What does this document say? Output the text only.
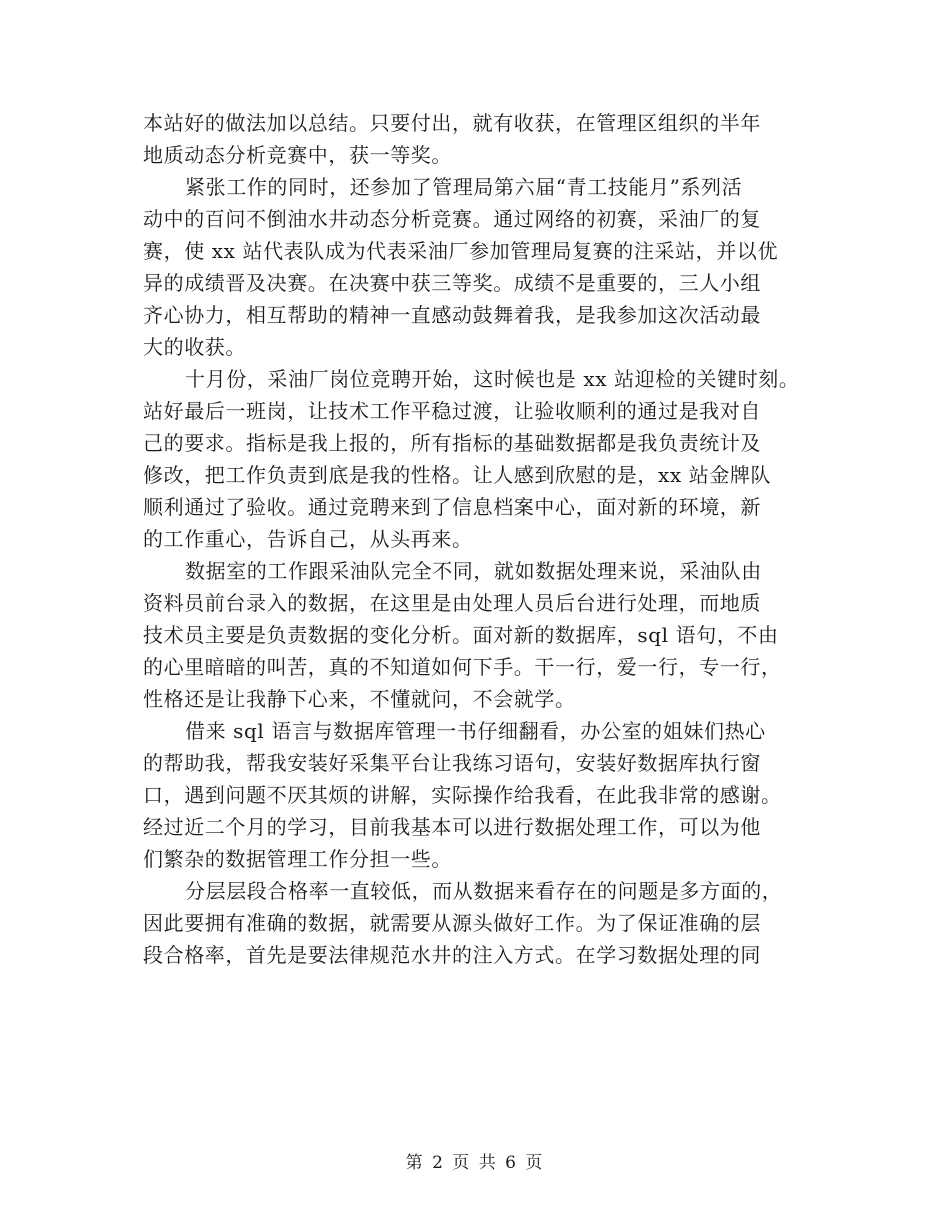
本站好的做法加以总结。只要付出，就有收获，在管理区组织的半年
地质动态分析竞赛中，获一等奖。
紧张工作的同时，还参加了管理局第六届“青工技能月”系列活
动中的百问不倒油水井动态分析竞赛。通过网络的初赛，采油厂的复
赛，使 xx 站代表队成为代表采油厂参加管理局复赛的注采站，并以优
异的成绩晋及决赛。在决赛中获三等奖。成绩不是重要的，三人小组
齐心协力，相互帮助的精神一直感动鼓舞着我，是我参加这次活动最
大的收获。
十月份，采油厂岗位竞聘开始，这时候也是 xx 站迎检的关键时刻。
站好最后一班岗，让技术工作平稳过渡，让验收顺利的通过是我对自
己的要求。指标是我上报的，所有指标的基础数据都是我负责统计及
修改，把工作负责到底是我的性格。让人感到欣慰的是，xx 站金牌队
顺利通过了验收。通过竞聘来到了信息档案中心，面对新的环境，新
的工作重心，告诉自己，从头再来。
数据室的工作跟采油队完全不同，就如数据处理来说，采油队由
资料员前台录入的数据，在这里是由处理人员后台进行处理，而地质
技术员主要是负责数据的变化分析。面对新的数据库，sql 语句，不由
的心里暗暗的叫苦，真的不知道如何下手。干一行，爱一行，专一行，
性格还是让我静下心来，不懂就问，不会就学。
借来 sql 语言与数据库管理一书仔细翻看，办公室的姐妹们热心
的帮助我，帮我安装好采集平台让我练习语句，安装好数据库执行窗
口，遇到问题不厌其烦的讲解，实际操作给我看，在此我非常的感谢。
经过近二个月的学习，目前我基本可以进行数据处理工作，可以为他
们繁杂的数据管理工作分担一些。
分层层段合格率一直较低，而从数据来看存在的问题是多方面的，
因此要拥有准确的数据，就需要从源头做好工作。为了保证准确的层
段合格率，首先是要法律规范水井的注入方式。在学习数据处理的同
第 2 页 共 6 页
